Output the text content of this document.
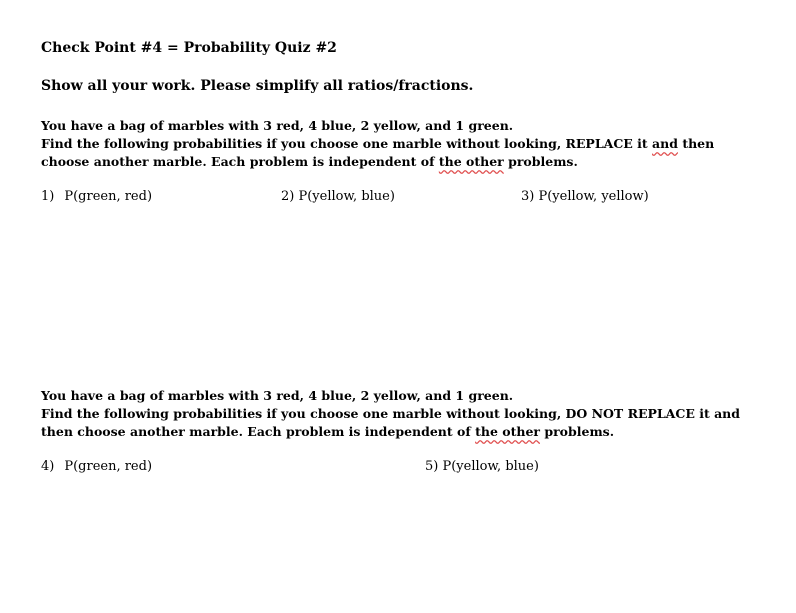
Check Point #4 = Probability Quiz #2
Show all your work. Please simplify all ratios/fractions.
You have a bag of marbles with 3 red, 4 blue, 2 yellow, and 1 green.
Find the following probabilities if you choose one marble without looking, REPLACE it and then choose another marble. Each problem is independent of the other problems.
1) P(green, red)	2) P(yellow, blue)	3) P(yellow, yellow)
You have a bag of marbles with 3 red, 4 blue, 2 yellow, and 1 green.
Find the following probabilities if you choose one marble without looking, DO NOT REPLACE it and then choose another marble. Each problem is independent of the other problems.
4) P(green, red)	5) P(yellow, blue)
